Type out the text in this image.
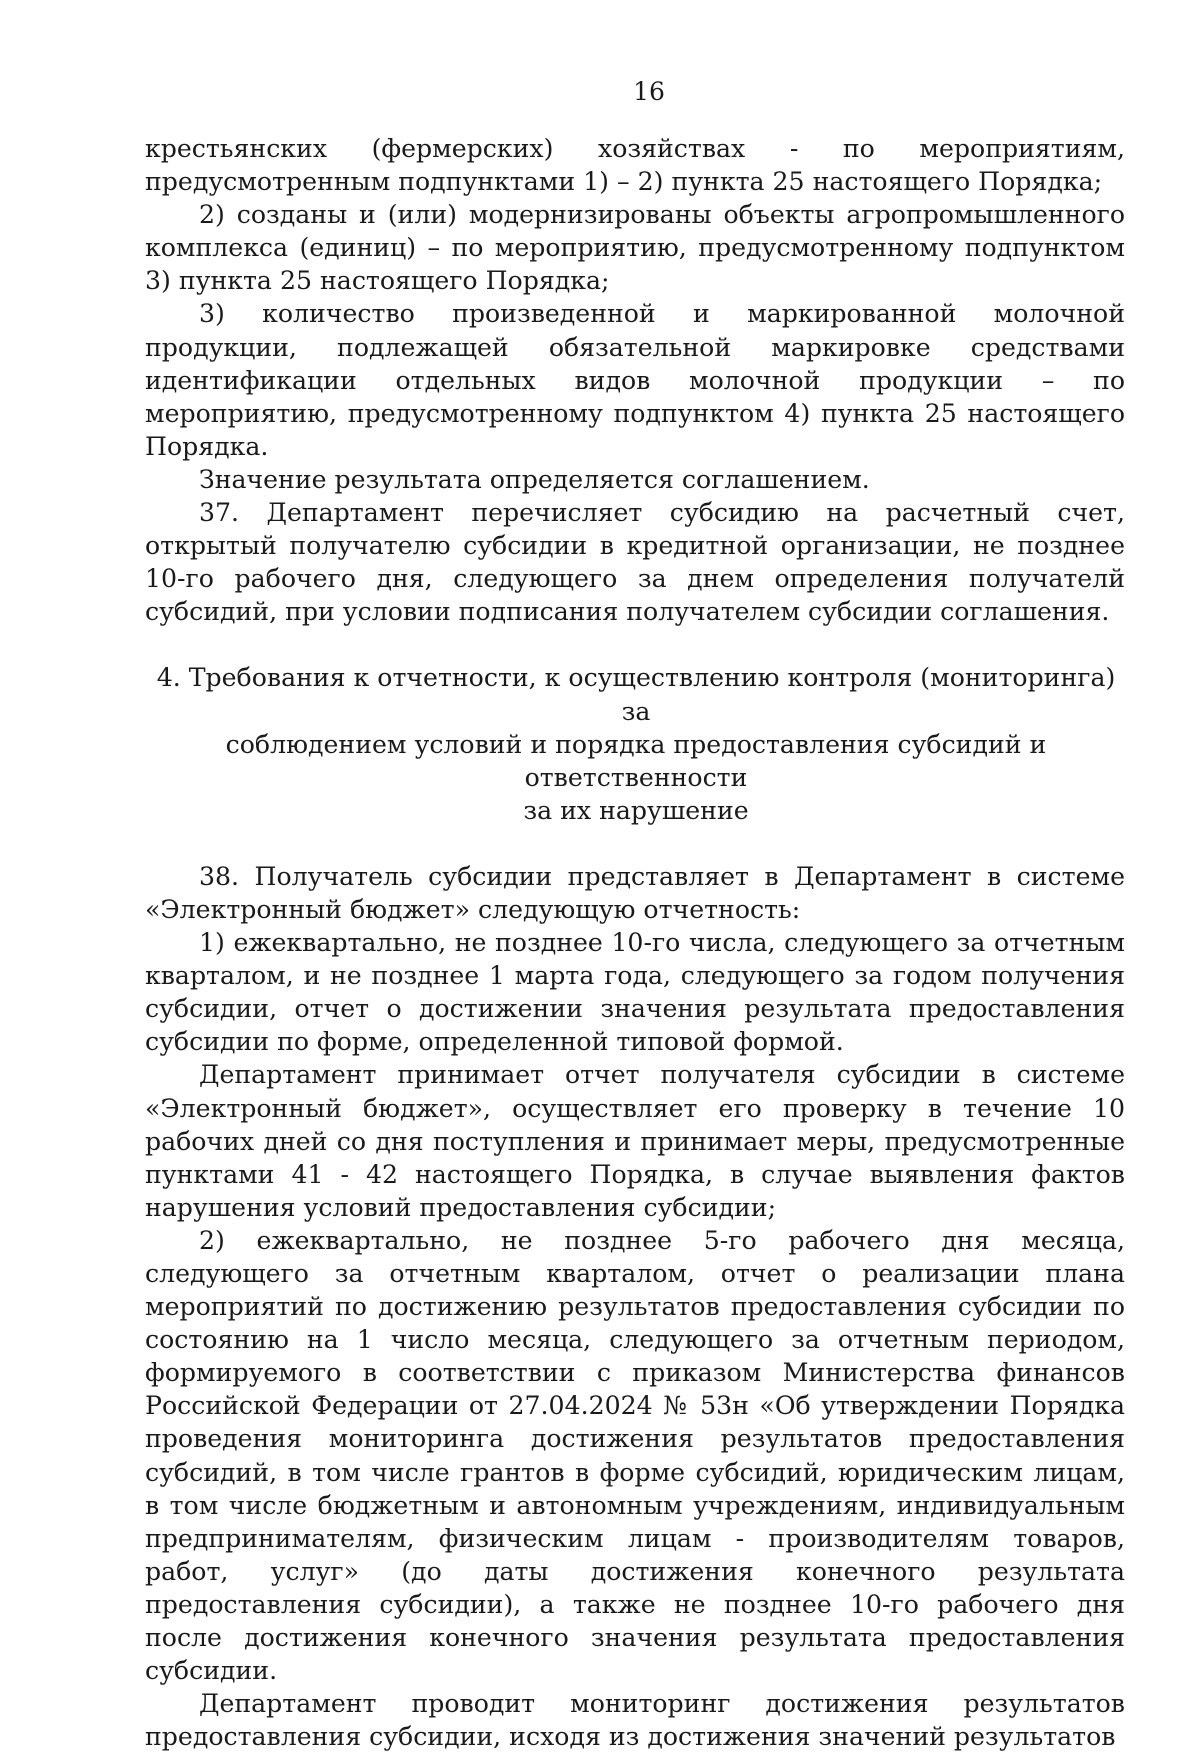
16

крестьянских (фермерских) хозяйствах - по мероприятиям, предусмотренным подпунктами 1) – 2) пункта 25 настоящего Порядка;

2) созданы и (или) модернизированы объекты агропромышленного комплекса (единиц) – по мероприятию, предусмотренному подпунктом 3) пункта 25 настоящего Порядка;

3) количество произведенной и маркированной молочной продукции, подлежащей обязательной маркировке средствами идентификации отдельных видов молочной продукции – по мероприятию, предусмотренному подпунктом 4) пункта 25 настоящего Порядка.

Значение результата определяется соглашением.

37. Департамент перечисляет субсидию на расчетный счет, открытый получателю субсидии в кредитной организации, не позднее 10-го рабочего дня, следующего за днем определения получателй субсидий, при условии подписания получателем субсидии соглашения.

4. Требования к отчетности, к осуществлению контроля (мониторинга) за

соблюдением условий и порядка предоставления субсидий и ответственности

за их нарушение

38. Получатель субсидии представляет в Департамент в системе «Электронный бюджет» следующую отчетность:

1) ежеквартально, не позднее 10-го числа, следующего за отчетным кварталом, и не позднее 1 марта года, следующего за годом получения субсидии, отчет о достижении значения результата предоставления субсидии по форме, определенной типовой формой.

Департамент принимает отчет получателя субсидии в системе «Электронный бюджет», осуществляет его проверку в течение 10 рабочих дней со дня поступления и принимает меры, предусмотренные пунктами 41 - 42 настоящего Порядка, в случае выявления фактов нарушения условий предоставления субсидии;

2) ежеквартально, не позднее 5-го рабочего дня месяца, следующего за отчетным кварталом, отчет о реализации плана мероприятий по достижению результатов предоставления субсидии по состоянию на 1 число месяца, следующего за отчетным периодом, формируемого в соответствии с приказом Министерства финансов Российской Федерации от 27.04.2024 № 53н «Об утверждении Порядка проведения мониторинга достижения результатов предоставления субсидий, в том числе грантов в форме субсидий, юридическим лицам, в том числе бюджетным и автономным учреждениям, индивидуальным предпринимателям, физическим лицам - производителям товаров, работ, услуг» (до даты достижения конечного результата предоставления субсидии), а также не позднее 10-го рабочего дня после достижения конечного значения результата предоставления субсидии.

Департамент проводит мониторинг достижения результатов предоставления субсидии, исходя из достижения значений результатов
